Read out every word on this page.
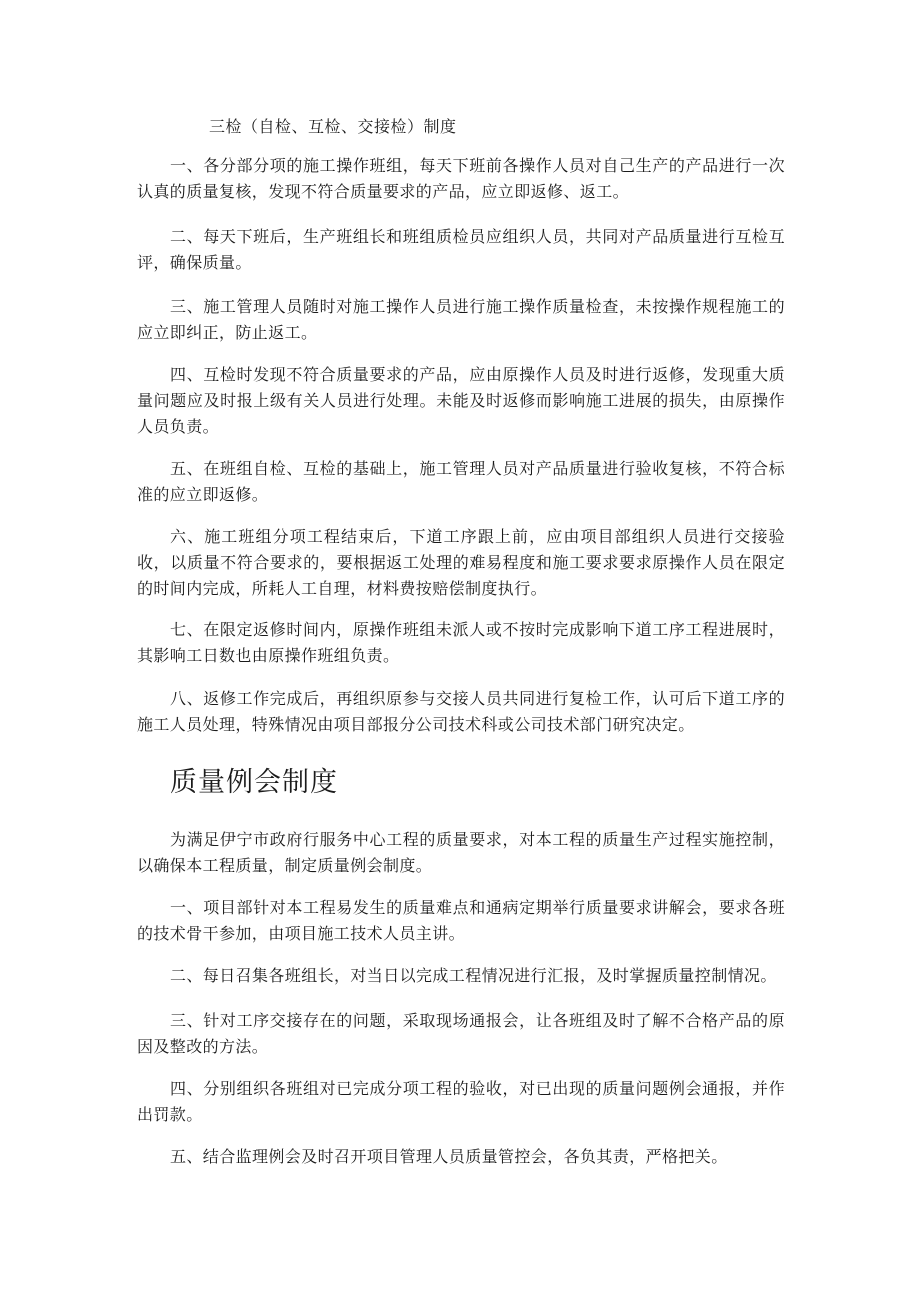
三检（自检、互检、交接检）制度

一、各分部分项的施工操作班组，每天下班前各操作人员对自己生产的产品进行一次认真的质量复核，发现不符合质量要求的产品，应立即返修、返工。

二、每天下班后，生产班组长和班组质检员应组织人员，共同对产品质量进行互检互评，确保质量。

三、施工管理人员随时对施工操作人员进行施工操作质量检查，未按操作规程施工的应立即纠正，防止返工。

四、互检时发现不符合质量要求的产品，应由原操作人员及时进行返修，发现重大质量问题应及时报上级有关人员进行处理。未能及时返修而影响施工进展的损失，由原操作人员负责。

五、在班组自检、互检的基础上，施工管理人员对产品质量进行验收复核，不符合标准的应立即返修。

六、施工班组分项工程结束后，下道工序跟上前，应由项目部组织人员进行交接验收，以质量不符合要求的，要根据返工处理的难易程度和施工要求要求原操作人员在限定的时间内完成，所耗人工自理，材料费按赔偿制度执行。

七、在限定返修时间内，原操作班组未派人或不按时完成影响下道工序工程进展时，其影响工日数也由原操作班组负责。

八、返修工作完成后，再组织原参与交接人员共同进行复检工作，认可后下道工序的施工人员处理，特殊情况由项目部报分公司技术科或公司技术部门研究决定。

质量例会制度

为满足伊宁市政府行服务中心工程的质量要求，对本工程的质量生产过程实施控制，以确保本工程质量，制定质量例会制度。

一、项目部针对本工程易发生的质量难点和通病定期举行质量要求讲解会，要求各班的技术骨干参加，由项目施工技术人员主讲。

二、每日召集各班组长，对当日以完成工程情况进行汇报，及时掌握质量控制情况。

三、针对工序交接存在的问题，采取现场通报会，让各班组及时了解不合格产品的原因及整改的方法。

四、分别组织各班组对已完成分项工程的验收，对已出现的质量问题例会通报，并作出罚款。

五、结合监理例会及时召开项目管理人员质量管控会，各负其责，严格把关。
